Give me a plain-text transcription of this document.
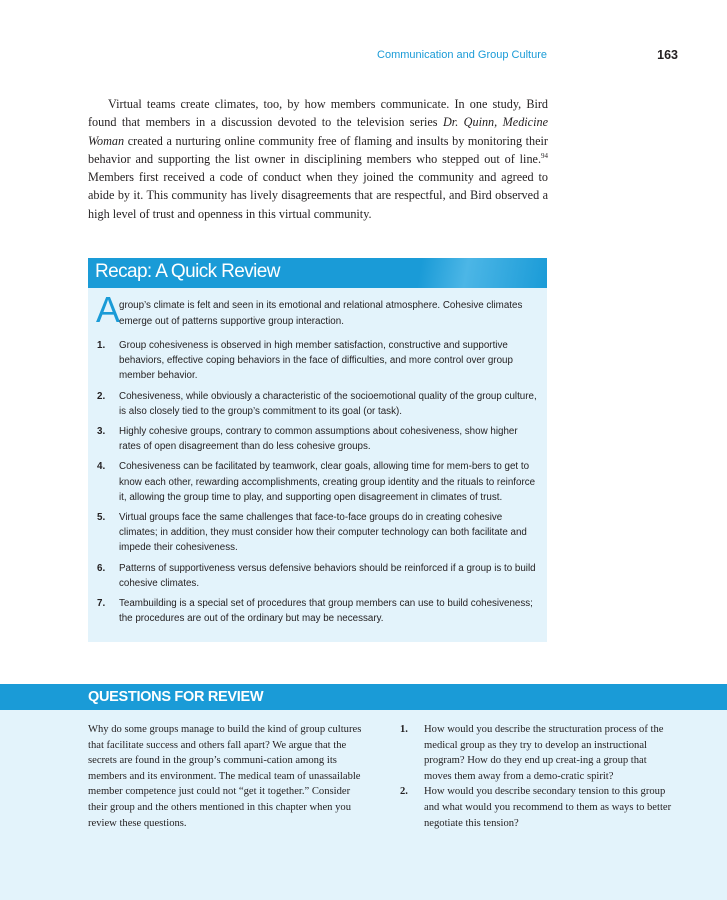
Communication and Group Culture	163

Virtual teams create climates, too, by how members communicate. In one study, Bird found that members in a discussion devoted to the television series Dr. Quinn, Medicine Woman created a nurturing online community free of flaming and insults by monitoring their behavior and supporting the list owner in disciplining members who stepped out of line.$^{94}$ Members first received a code of conduct when they joined the community and agreed to abide by it. This community has lively disagreements that are respectful, and Bird observed a high level of trust and openness in this virtual community.

Recap: A Quick Review
A
group’s climate is felt and seen in its emotional and relational atmosphere. Cohesive climates emerge out of patterns supportive group interaction.
1. Group cohesiveness is observed in high member satisfaction, constructive and supportive behaviors, effective coping behaviors in the face of difficulties, and more control over group member behavior.
2. Cohesiveness, while obviously a characteristic of the socioemotional quality of the group culture, is also closely tied to the group’s commitment to its goal (or task).
3. Highly cohesive groups, contrary to common assumptions about cohesiveness, show higher rates of open disagreement than do less cohesive groups.
4. Cohesiveness can be facilitated by teamwork, clear goals, allowing time for mem-bers to get to know each other, rewarding accomplishments, creating group identity and the rituals to reinforce it, allowing the group time to play, and supporting open disagreement in climates of trust.
5. Virtual groups face the same challenges that face-to-face groups do in creating cohesive climates; in addition, they must consider how their computer technology can both facilitate and impede their cohesiveness.
6. Patterns of supportiveness versus defensive behaviors should be reinforced if a group is to build cohesive climates.
7. Teambuilding is a special set of procedures that group members can use to build cohesiveness; the procedures are out of the ordinary but may be necessary.
QUESTIONS FOR REVIEW

Why do some groups manage to build the kind of group cultures that facilitate success and others fall apart? We argue that the secrets are found in the group’s communi-cation among its members and its environment. The medical team of unassailable member competence just could not “get it together.” Consider their group and the others mentioned in this chapter when you review these questions.

1. How would you describe the structuration process of the medical group as they try to develop an instructional program? How do they end up creat-ing a group that moves them away from a demo-cratic spirit?
2. How would you describe secondary tension to this group and what would you recommend to them as ways to better negotiate this tension?
